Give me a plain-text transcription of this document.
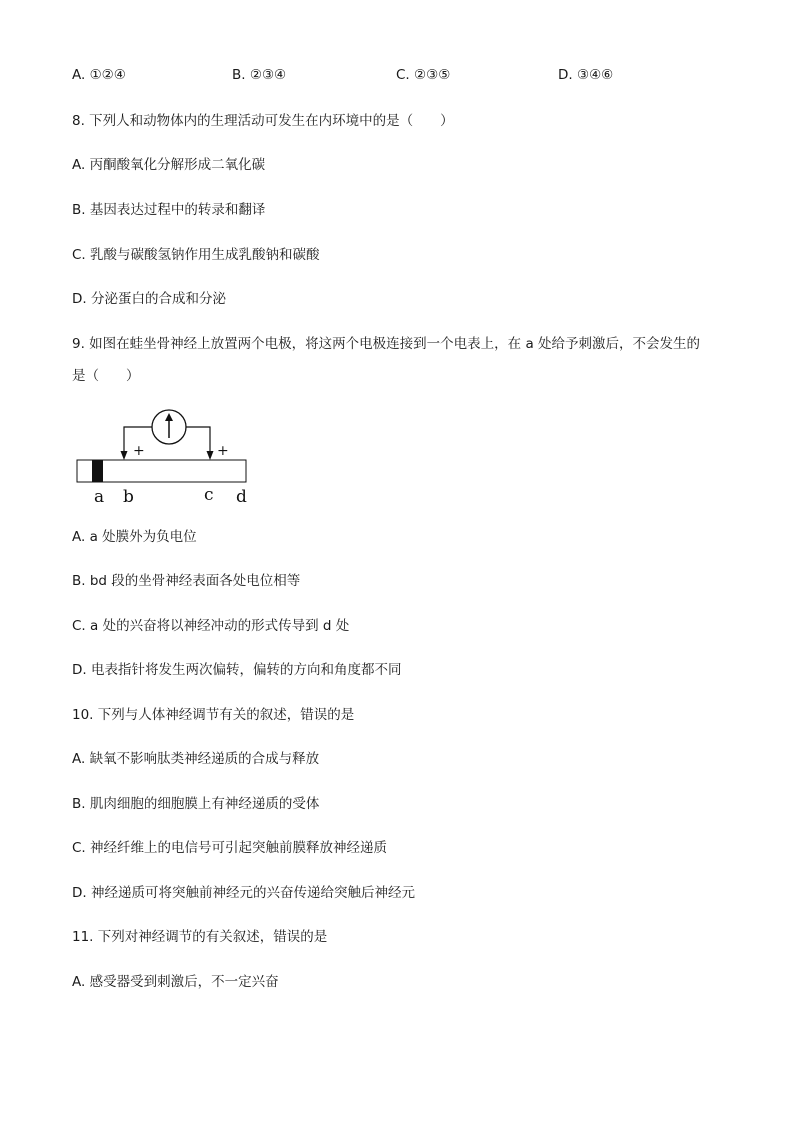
A. ①②④	B. ②③④	C. ②③⑤	D. ③④⑥
8. 下列人和动物体内的生理活动可发生在内环境中的是（　　）
A. 丙酮酸氧化分解形成二氧化碳
B. 基因表达过程中的转录和翻译
C. 乳酸与碳酸氢钠作用生成乳酸钠和碳酸
D. 分泌蛋白的合成和分泌
9. 如图在蛙坐骨神经上放置两个电极，将这两个电极连接到一个电表上，在 a 处给予刺激后，不会发生的
是（　　）
+	+
a b	c d
A. a 处膜外为负电位
B. bd 段的坐骨神经表面各处电位相等
C. a 处的兴奋将以神经冲动的形式传导到 d 处
D. 电表指针将发生两次偏转，偏转的方向和角度都不同
10. 下列与人体神经调节有关的叙述，错误的是
A. 缺氧不影响肽类神经递质的合成与释放
B. 肌肉细胞的细胞膜上有神经递质的受体
C. 神经纤维上的电信号可引起突触前膜释放神经递质
D. 神经递质可将突触前神经元的兴奋传递给突触后神经元
11. 下列对神经调节的有关叙述，错误的是
A. 感受器受到刺激后，不一定兴奋
